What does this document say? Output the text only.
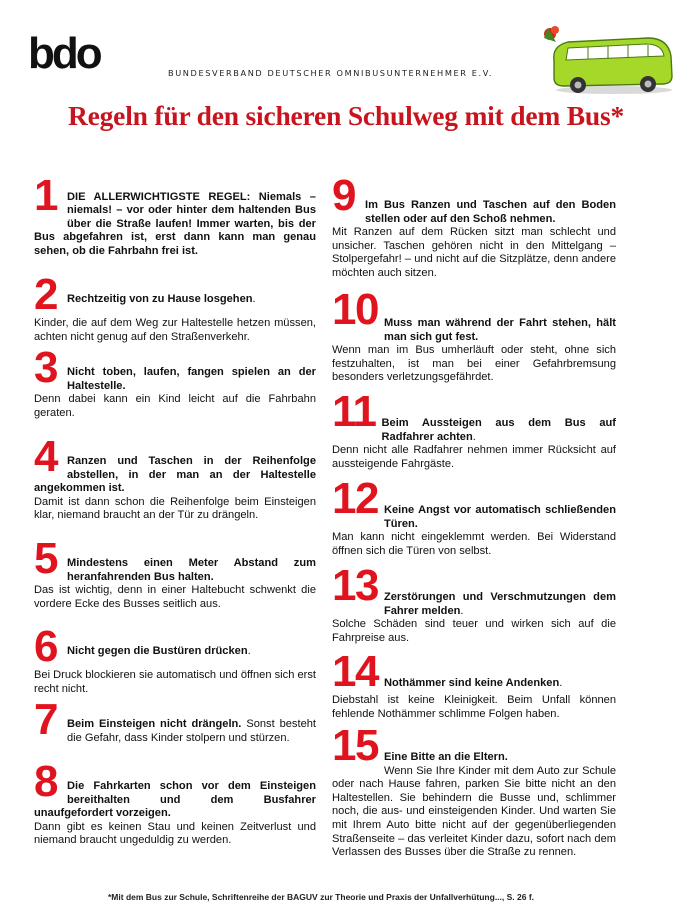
bdo	BUNDESVERBAND DEUTSCHER OMNIBUSUNTERNEHMER E.V.
Regeln für den sicheren Schulweg mit dem Bus*
1 DIE ALLERWICHTIGSTE REGEL: Niemals – niemals! – vor oder hinter dem haltenden Bus über die Straße laufen! Immer warten, bis der Bus abgefahren ist, erst dann kann man genau sehen, ob die Fahrbahn frei ist.
2 Rechtzeitig von zu Hause losgehen.
Kinder, die auf dem Weg zur Haltestelle hetzen müssen, achten nicht genug auf den Straßenverkehr.
3 Nicht toben, laufen, fangen spielen an der Haltestelle.
Denn dabei kann ein Kind leicht auf die Fahrbahn geraten.
4 Ranzen und Taschen in der Reihenfolge abstellen, in der man an der Haltestelle angekommen ist.
Damit ist dann schon die Reihenfolge beim Einsteigen klar, niemand braucht an der Tür zu drängeln.
5 Mindestens einen Meter Abstand zum heranfahrenden Bus halten.
Das ist wichtig, denn in einer Haltebucht schwenkt die vordere Ecke des Busses seitlich aus.
6 Nicht gegen die Bustüren drücken.
Bei Druck blockieren sie automatisch und öffnen sich erst recht nicht.
7 Beim Einsteigen nicht drängeln. Sonst besteht die Gefahr, dass Kinder stolpern und stürzen.
8 Die Fahrkarten schon vor dem Einsteigen bereithalten und dem Busfahrer unaufgefordert vorzeigen.
Dann gibt es keinen Stau und keinen Zeitverlust und niemand braucht ungeduldig zu werden.
9 Im Bus Ranzen und Taschen auf den Boden stellen oder auf den Schoß nehmen.
Mit Ranzen auf dem Rücken sitzt man schlecht und unsicher. Taschen gehören nicht in den Mittelgang – Stolpergefahr! – und nicht auf die Sitzplätze, denn andere möchten auch sitzen.
10 Muss man während der Fahrt stehen, hält man sich gut fest.
Wenn man im Bus umherläuft oder steht, ohne sich festzuhalten, ist man bei einer Gefahrbremsung besonders verletzungsgefährdet.
11 Beim Aussteigen aus dem Bus auf Radfahrer achten.
Denn nicht alle Radfahrer nehmen immer Rücksicht auf aussteigende Fahrgäste.
12 Keine Angst vor automatisch schließenden Türen.
Man kann nicht eingeklemmt werden. Bei Widerstand öffnen sich die Türen von selbst.
13 Zerstörungen und Verschmutzungen dem Fahrer melden.
Solche Schäden sind teuer und wirken sich auf die Fahrpreise aus.
14 Nothämmer sind keine Andenken.
Diebstahl ist keine Kleinigkeit. Beim Unfall können fehlende Nothämmer schlimme Folgen haben.
15 Eine Bitte an die Eltern.
Wenn Sie Ihre Kinder mit dem Auto zur Schule oder nach Hause fahren, parken Sie bitte nicht an den Haltestellen. Sie behindern die Busse und, schlimmer noch, die aus- und einsteigenden Kinder. Und warten Sie mit Ihrem Auto bitte nicht auf der gegenüberliegenden Straßenseite – das verleitet Kinder dazu, sofort nach dem Verlassen des Busses über die Straße zu rennen.
*Mit dem Bus zur Schule, Schriftenreihe der BAGUV zur Theorie und Praxis der Unfallverhütung..., S. 26 f.
